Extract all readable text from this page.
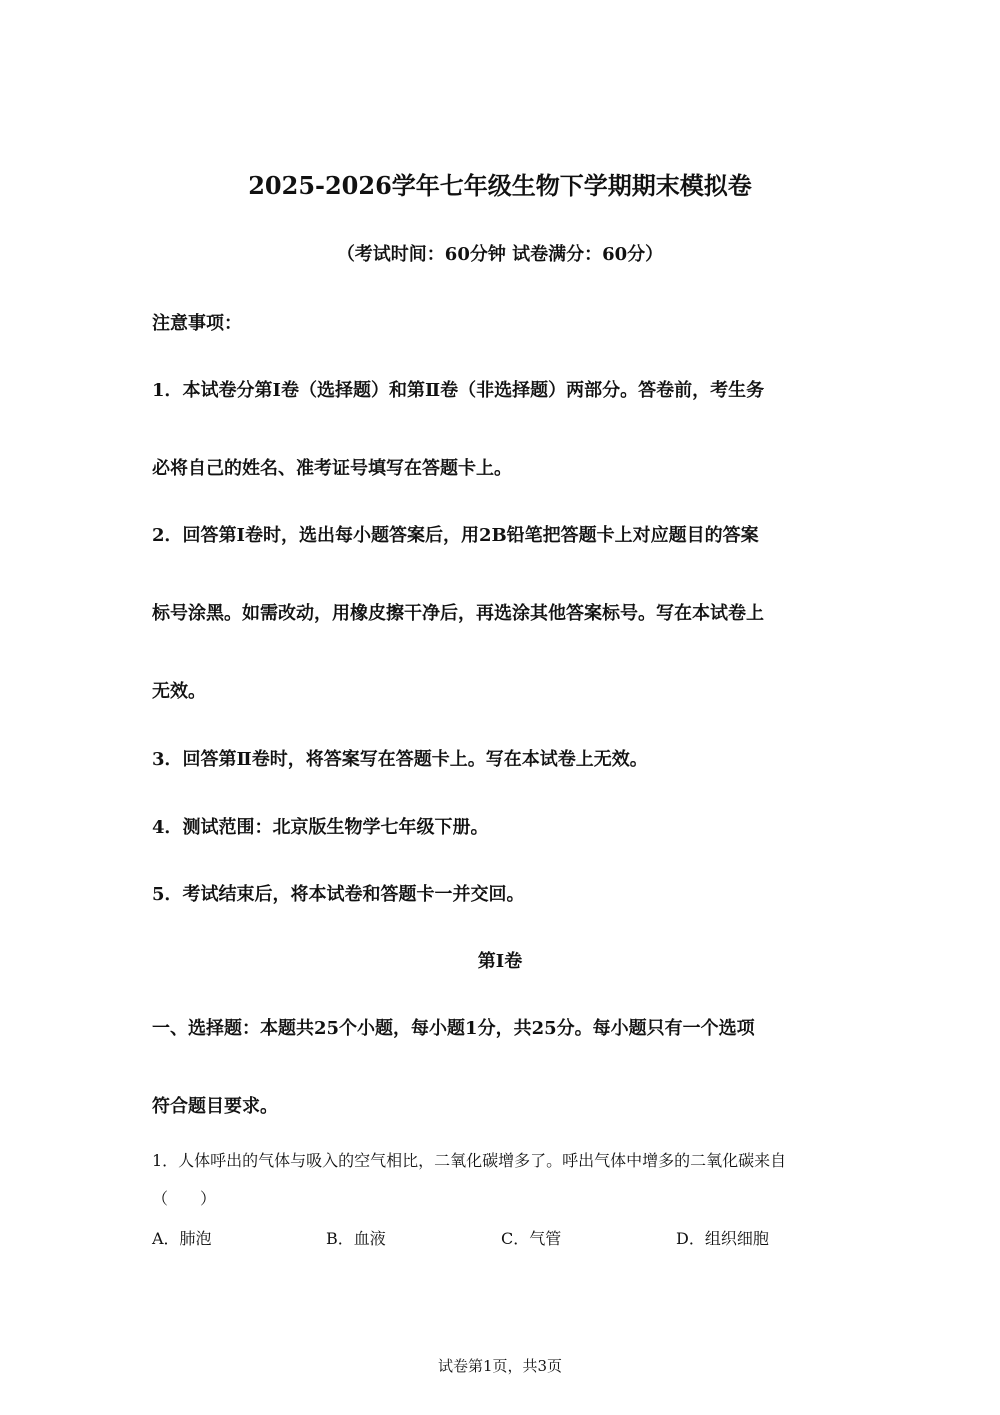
2025-2026学年七年级生物下学期期末模拟卷
（考试时间：60分钟 试卷满分：60分）
注意事项：
1．本试卷分第Ⅰ卷（选择题）和第Ⅱ卷（非选择题）两部分。答卷前，考生务
必将自己的姓名、准考证号填写在答题卡上。
2．回答第Ⅰ卷时，选出每小题答案后，用2B铅笔把答题卡上对应题目的答案
标号涂黑。如需改动，用橡皮擦干净后，再选涂其他答案标号。写在本试卷上
无效。
3．回答第Ⅱ卷时，将答案写在答题卡上。写在本试卷上无效。
4．测试范围：北京版生物学七年级下册。
5．考试结束后，将本试卷和答题卡一并交回。
第Ⅰ卷
一、选择题：本题共25个小题，每小题1分，共25分。每小题只有一个选项
符合题目要求。
1．人体呼出的气体与吸入的空气相比，二氧化碳增多了。呼出气体中增多的二氧化碳来自
（　　）
A．肺泡	B．血液	C．气管	D．组织细胞
试卷第1页，共3页
